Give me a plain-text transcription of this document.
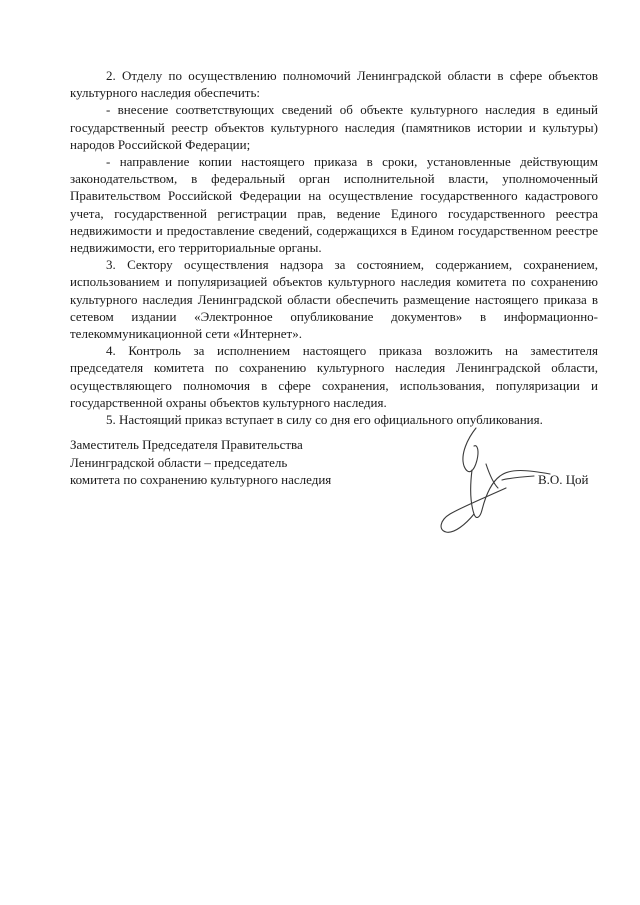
2. Отделу по осуществлению полномочий Ленинградской области в сфере объектов культурного наследия обеспечить:

- внесение соответствующих сведений об объекте культурного наследия в единый государственный реестр объектов культурного наследия (памятников истории и культуры) народов Российской Федерации;

- направление копии настоящего приказа в сроки, установленные действующим законодательством, в федеральный орган исполнительной власти, уполномоченный Правительством Российской Федерации на осуществление государственного кадастрового учета, государственной регистрации прав, ведение Единого государственного реестра недвижимости и предоставление сведений, содержащихся в Едином государственном реестре недвижимости, его территориальные органы.

3. Сектору осуществления надзора за состоянием, содержанием, сохранением, использованием и популяризацией объектов культурного наследия комитета по сохранению культурного наследия Ленинградской области обеспечить размещение настоящего приказа в сетевом издании «Электронное опубликование документов» в информационно-телекоммуникационной сети «Интернет».

4. Контроль за исполнением настоящего приказа возложить на заместителя председателя комитета по сохранению культурного наследия Ленинградской области, осуществляющего полномочия в сфере сохранения, использования, популяризации и государственной охраны объектов культурного наследия.

5. Настоящий приказ вступает в силу со дня его официального опубликования.

Заместитель Председателя Правительства
Ленинградской области – председатель
комитета по сохранению культурного наследия	В.О. Цой
